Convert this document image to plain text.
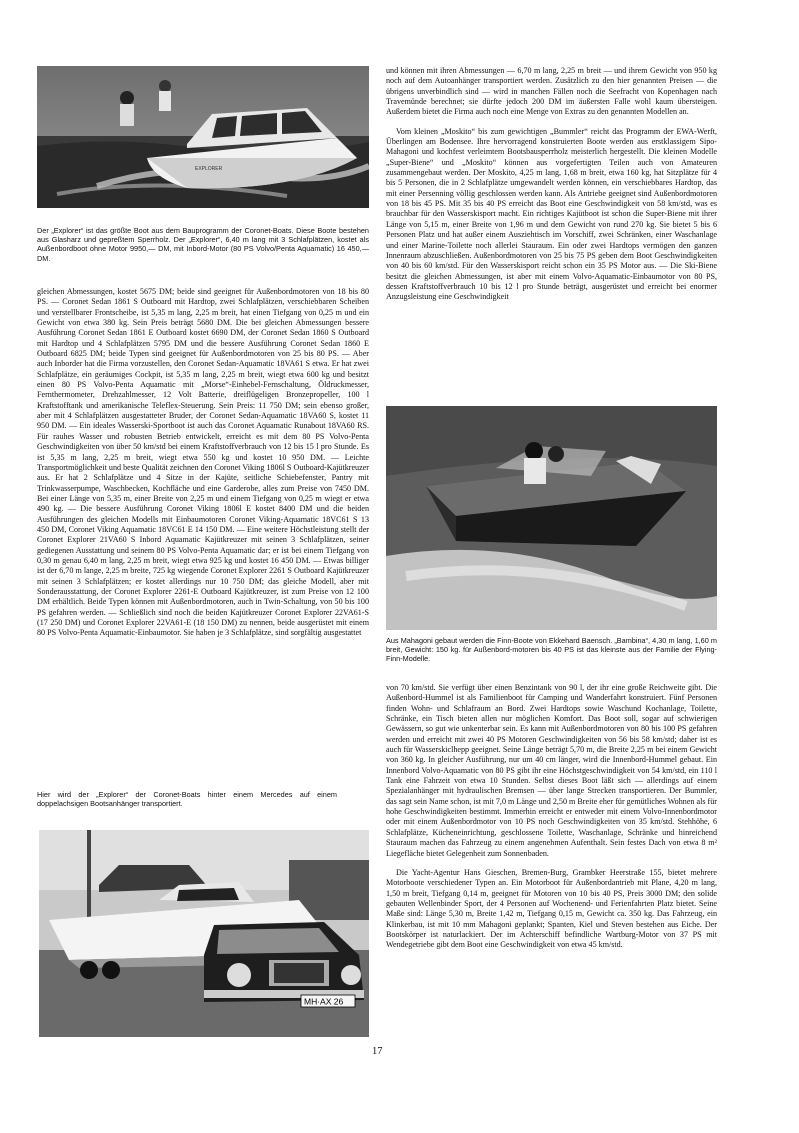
EXPLORER

Der „Explorer“ ist das größte Boot aus dem Bauprogramm der Coronet-Boats. Diese Boote bestehen aus Glasharz und gepreßtem Sperrholz. Der „Explorer“, 6,40 m lang mit 3 Schlafplätzen, kostet als Außenbordboot ohne Motor 9950,— DM, mit Inbord-Motor (80 PS Volvo/Penta Aquamatic) 16 450,— DM.

gleichen Abmessungen, kostet 5675 DM; beide sind geeignet für Außenbordmotoren von 18 bis 80 PS. — Coronet Sedan 1861 S Outboard mit Hardtop, zwei Schlafplätzen, verschiebbaren Scheiben und verstellbarer Frontscheibe, ist 5,35 m lang, 2,25 m breit, hat einen Tiefgang von 0,25 m und ein Gewicht von etwa 380 kg. Sein Preis beträgt 5680 DM. Die bei gleichen Abmessungen bessere Ausführung Coronet Sedan 1861 E Outboard kostet 6690 DM, der Coronet Sedan 1860 S Outboard mit Hardtop und 4 Schlafplätzen 5795 DM und die bessere Ausführung Coronet Sedan 1860 E Outboard 6825 DM; beide Typen sind geeignet für Außenbordmotoren von 25 bis 80 PS. — Aber auch Inborder hat die Firma vorzustellen, den Coronet Sedan-Aquamatic 18VA61 S etwa. Er hat zwei Schlafplätze, ein geräumiges Cockpit, ist 5,35 m lang, 2,25 m breit, wiegt etwa 600 kg und besitzt einen 80 PS Volvo-Penta Aquamatic mit „Morse“-Einhebel-Fernschaltung, Öldruckmesser, Fernthermometer, Drehzahlmesser, 12 Volt Batterie, dreiflügeligen Bronzepropeller, 100 l Kraftstofftank und amerikanische Teleflex-Steuerung. Sein Preis: 11 750 DM; sein ebenso großer, aber mit 4 Schlafplätzen ausgestatteter Bruder, der Coronet Sedan-Aquamatic 18VA60 S, kostet 11 950 DM. — Ein ideales Wasserski-Sportboot ist auch das Coronet Aquamatic Runabout 18VA60 RS. Für rauhes Wasser und robusten Betrieb entwickelt, erreicht es mit dem 80 PS Volvo-Penta Geschwindigkeiten von über 50 km/std bei einem Kraftstoffverbrauch von 12 bis 15 l pro Stunde. Es ist 5,35 m lang, 2,25 m breit, wiegt etwa 550 kg und kostet 10 950 DM. — Leichte Transportmöglichkeit und beste Qualität zeichnen den Coronet Viking 1806l S Outboard-Kajütkreuzer aus. Er hat 2 Schlafplätze und 4 Sitze in der Kajüte, seitliche Schiebefenster, Pantry mit Trinkwasserpumpe, Waschbecken, Kochfläche und eine Garderobe, alles zum Preise von 7450 DM. Bei einer Länge von 5,35 m, einer Breite von 2,25 m und einem Tiefgang von 0,25 m wiegt er etwa 490 kg. — Die bessere Ausführung Coronet Viking 1806l E kostet 8400 DM und die beiden Ausführungen des gleichen Modells mit Einbaumotoren Coronet Viking-Aquamatic 18VC61 S 13 450 DM, Coronet Viking Aquamatic 18VC61 E 14 150 DM. — Eine weitere Höchstleistung stellt der Coronet Explorer 21VA60 S Inbord Aquamatic Kajütkreuzer mit seinen 3 Schlafplätzen, seiner gediegenen Ausstattung und seinem 80 PS Volvo-Penta Aquamatic dar; er ist bei einem Tiefgang von 0,30 m genau 6,40 m lang, 2,25 m breit, wiegt etwa 925 kg und kostet 16 450 DM. — Etwas billiger ist der 6,70 m lange, 2,25 m breite, 725 kg wiegende Coronet Explorer 2261 S Outboard Kajütkreuzer mit seinen 3 Schlafplätzen; er kostet allerdings nur 10 750 DM; das gleiche Modell, aber mit Sonderausstattung, der Coronet Explorer 2261-E Outboard Kajütkreuzer, ist zum Preise von 12 100 DM erhältlich. Beide Typen können mit Außenbordmotoren, auch in Twin-Schaltung, von 50 bis 100 PS gefahren werden. — Schließlich sind noch die beiden Kajütkreuzer Coronet Explorer 22VA61-S (17 250 DM) und Coronet Explorer 22VA61-E (18 150 DM) zu nennen, beide ausgerüstet mit einem 80 PS Volvo-Penta Aquamatic-Einbaumotor. Sie haben je 3 Schlafplätze, sind sorgfältig ausgestattet

Hier wird der „Explorer“ der Coronet-Boats hinter einem Mercedes auf einem doppelachsigen Bootsanhänger transportiert.

MH·AX 26

und können mit ihren Abmessungen — 6,70 m lang, 2,25 m breit — und ihrem Gewicht von 950 kg noch auf dem Autoanhänger transportiert werden. Zusätzlich zu den hier genannten Preisen — die übrigens unverbindlich sind — wird in manchen Fällen noch die Seefracht von Kopenhagen nach Travemünde berechnet; sie dürfte jedoch 200 DM im äußersten Falle wohl kaum übersteigen. Außerdem bietet die Firma auch noch eine Menge von Extras zu den genannten Modellen an.

Vom kleinen „Moskito“ bis zum gewichtigen „Bummler“ reicht das Programm der EWA-Werft, Überlingen am Bodensee. Ihre hervorragend konstruierten Boote werden aus erstklassigem Sipo-Mahagoni und kochfest verleimtem Bootsbausperrholz meisterlich hergestellt. Die kleinen Modelle „Super-Biene“ und „Moskito“ können aus vorgefertigten Teilen auch von Amateuren zusammengebaut werden. Der Moskito, 4,25 m lang, 1,68 m breit, etwa 160 kg, hat Sitzplätze für 4 bis 5 Personen, die in 2 Schlafplätze umgewandelt werden können, ein verschiebbares Hardtop, das mit einer Persenning völlig geschlossen werden kann. Als Antriebe geeignet sind Außenbordmotoren von 18 bis 45 PS. Mit 35 bis 40 PS erreicht das Boot eine Geschwindigkeit von 58 km/std, was es brauchbar für den Wasserskisport macht. Ein richtiges Kajütboot ist schon die Super-Biene mit ihrer Länge von 5,15 m, einer Breite von 1,96 m und dem Gewicht von rund 270 kg. Sie bietet 5 bis 6 Personen Platz und hat außer einem Ausziehtisch im Vorschiff, zwei Schränken, einer Waschanlage und einer Marine-Toilette noch allerlei Stauraum. Ein oder zwei Hardtops vermögen den ganzen Innenraum abzuschließen. Außenbordmotoren von 25 bis 75 PS geben dem Boot Geschwindigkeiten von 40 bis 60 km/std. Für den Wasserskisport reicht schon ein 35 PS Motor aus. — Die Ski-Biene besitzt die gleichen Abmessungen, ist aber mit einem Volvo-Aquamatic-Einbaumotor von 80 PS, dessen Kraftstoffverbrauch 10 bis 12 l pro Stunde beträgt, ausgerüstet und erreicht bei enormer Anzugsleistung eine Geschwindigkeit

Aus Mahagoni gebaut werden die Finn-Boote von Ekkehard Baensch. „Bambina“, 4,30 m lang, 1,60 m breit, Gewicht: 150 kg. für Außenbord-motoren bis 40 PS ist das kleinste aus der Familie der Flying-Finn-Modelle.

von 70 km/std. Sie verfügt über einen Benzintank von 90 l, der ihr eine große Reichweite gibt. Die Außenbord-Hummel ist als Familienboot für Camping und Wanderfahrt konstruiert. Fünf Personen finden Wohn- und Schlafraum an Bord. Zwei Hardtops sowie Waschund Kochanlage, Toilette, Schränke, ein Tisch bieten allen nur möglichen Komfort. Das Boot soll, sogar auf schwierigen Gewässern, so gut wie unkenterbar sein. Es kann mit Außenbordmotoren von 80 bis 100 PS gefahren werden und erreicht mit zwei 40 PS Motoren Geschwindigkeiten von 56 bis 58 km/std; daher ist es auch für Wasserskiclhepp geeignet. Seine Länge beträgt 5,70 m, die Breite 2,25 m bei einem Gewicht von 360 kg. In gleicher Ausführung, nur um 40 cm länger, wird die Innenbord-Hummel gebaut. Ein Innenbord Volvo-Aquamatic von 80 PS gibt ihr eine Höchstgeschwindigkeit von 54 km/std, ein 110 l Tank eine Fahrzeit von etwa 10 Stunden. Selbst dieses Boot läßt sich — allerdings auf einem Spezialanhänger mit hydraulischen Bremsen — über lange Strecken transportieren. Der Bummler, das sagt sein Name schon, ist mit 7,0 m Länge und 2,50 m Breite eher für gemütliches Wohnen als für hohe Geschwindigkeiten bestimmt. Immerhin erreicht er entweder mit einem Volvo-Innenbordmotor oder mit einem Außenbordmotor von 10 PS noch Geschwindigkeiten von 35 km/std. Stehhöhe, 6 Schlafplätze, Kücheneinrichtung, geschlossene Toilette, Waschanlage, Schränke und hinreichend Stauraum machen das Fahrzeug zu einem angenehmen Aufenthalt. Sein festes Dach von etwa 8 m² Liegefläche bietet Gelegenheit zum Sonnenbaden.

Die Yacht-Agentur Hans Gieschen, Bremen-Burg, Grambker Heerstraße 155, bietet mehrere Motorboote verschiedener Typen an. Ein Motorboot für Außenbordantrieb mit Plane, 4,20 m lang, 1,50 m breit, Tiefgang 0,14 m, geeignet für Motoren von 10 bis 40 PS, Preis 3000 DM; den solide gebauten Wellenbinder Sport, der 4 Personen auf Wochenend- und Ferienfahrten Platz bietet. Seine Maße sind: Länge 5,30 m, Breite 1,42 m, Tiefgang 0,15 m, Gewicht ca. 350 kg. Das Fahrzeug, ein Klinkerbau, ist mit 10 mm Mahagoni geplankt; Spanten, Kiel und Steven bestehen aus Eiche. Der Bootskörper ist naturlackiert. Der im Achterschiff befindliche Wartburg-Motor von 37 PS mit Wendegetriebe gibt dem Boot eine Geschwindigkeit von etwa 45 km/std.

17
